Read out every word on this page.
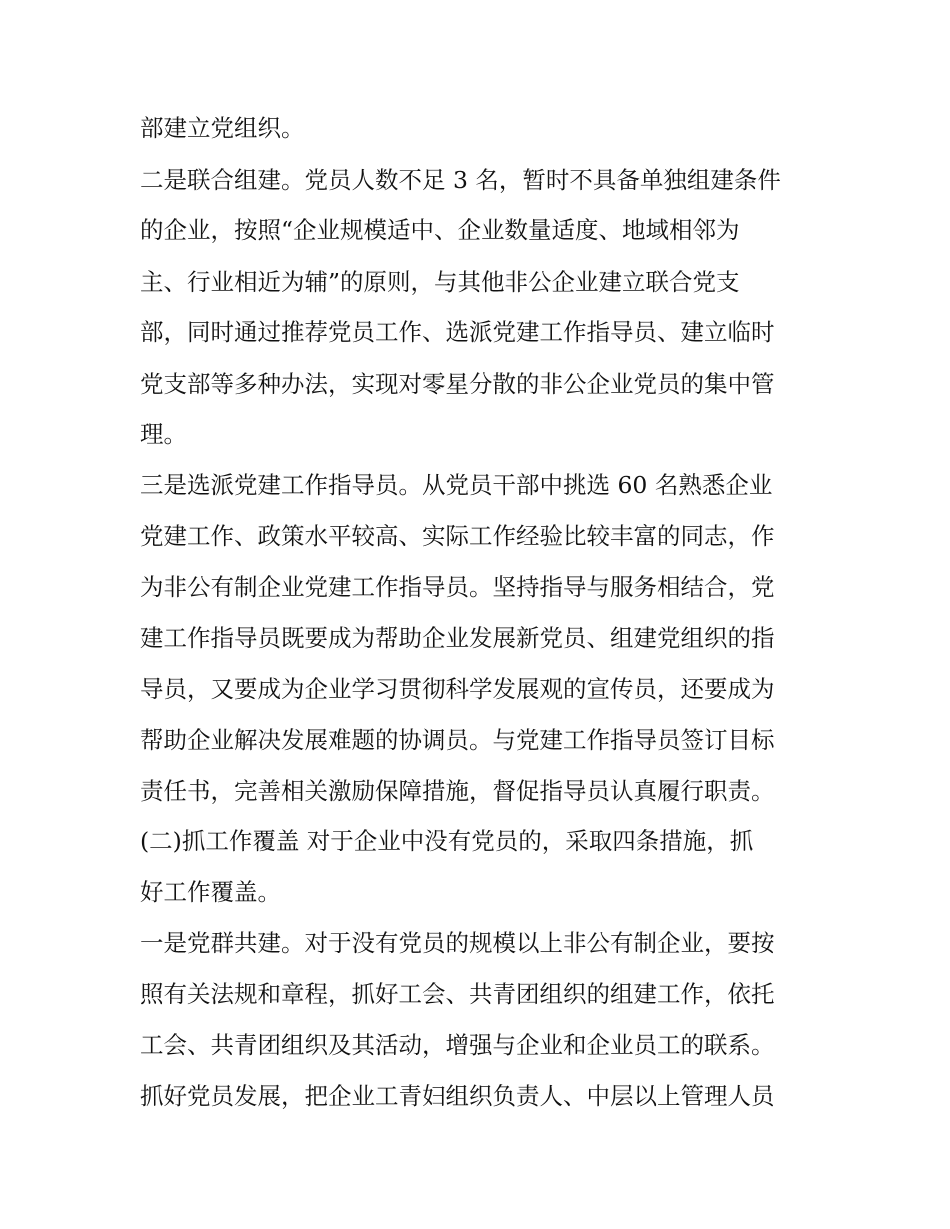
部建立党组织。
二是联合组建。党员人数不足 3 名，暂时不具备单独组建条件
的企业，按照“企业规模适中、企业数量适度、地域相邻为
主、行业相近为辅”的原则，与其他非公企业建立联合党支
部，同时通过推荐党员工作、选派党建工作指导员、建立临时
党支部等多种办法，实现对零星分散的非公企业党员的集中管
理。
三是选派党建工作指导员。从党员干部中挑选 60 名熟悉企业
党建工作、政策水平较高、实际工作经验比较丰富的同志，作
为非公有制企业党建工作指导员。坚持指导与服务相结合，党
建工作指导员既要成为帮助企业发展新党员、组建党组织的指
导员，又要成为企业学习贯彻科学发展观的宣传员，还要成为
帮助企业解决发展难题的协调员。与党建工作指导员签订目标
责任书，完善相关激励保障措施，督促指导员认真履行职责。
(二)抓工作覆盖 对于企业中没有党员的，采取四条措施，抓
好工作覆盖。
一是党群共建。对于没有党员的规模以上非公有制企业，要按
照有关法规和章程，抓好工会、共青团组织的组建工作，依托
工会、共青团组织及其活动，增强与企业和企业员工的联系。
抓好党员发展，把企业工青妇组织负责人、中层以上管理人员
